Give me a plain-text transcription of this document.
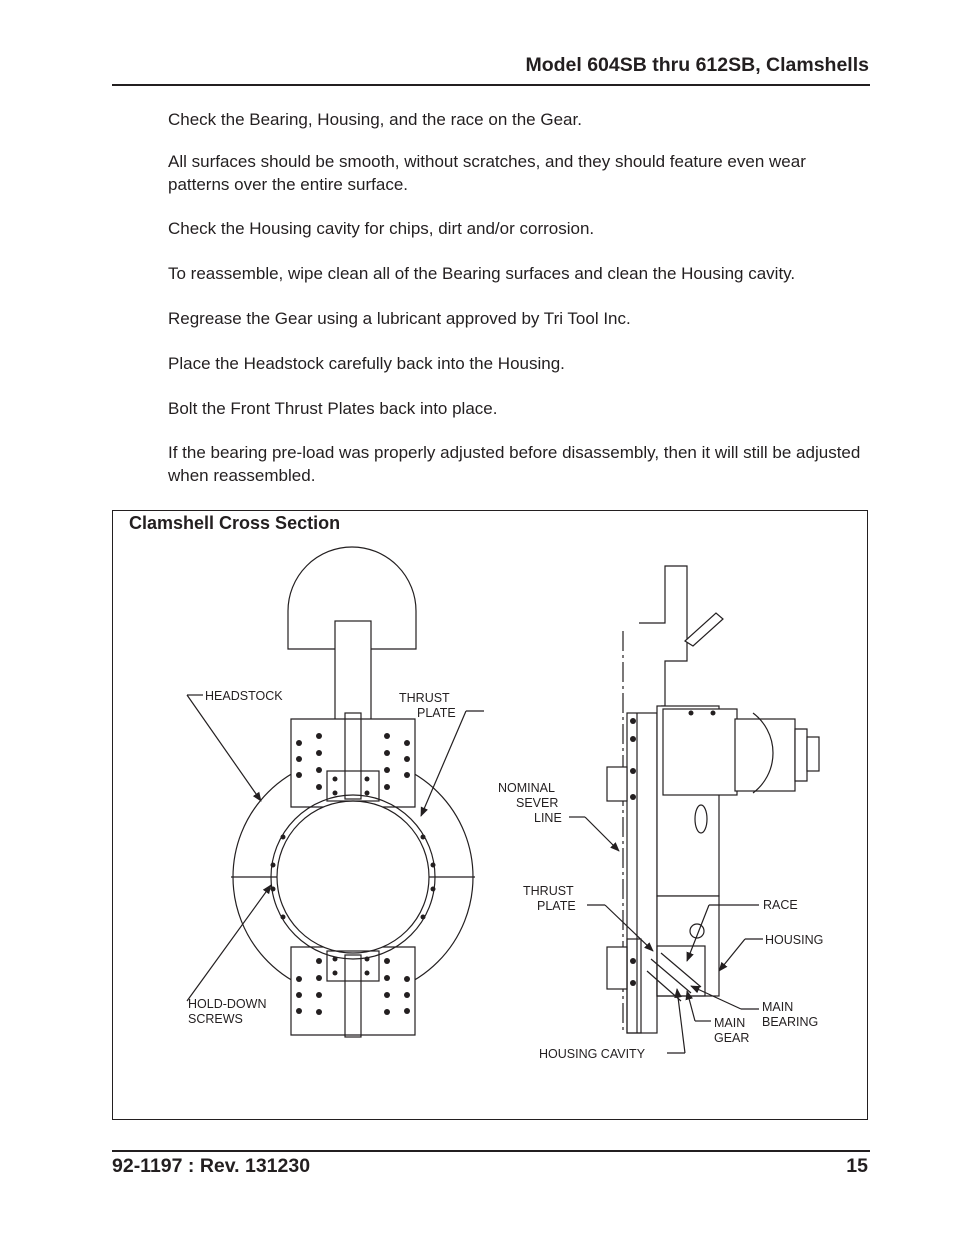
Model 604SB thru 612SB, Clamshells

Check the Bearing, Housing, and the race on the Gear.

All surfaces should be smooth, without scratches, and they should feature even wear patterns over the entire surface.

Check the Housing cavity for chips, dirt and/or corrosion.

To reassemble, wipe clean all of the Bearing surfaces and clean the Housing cavity.

Regrease the Gear using a lubricant approved by Tri Tool Inc.

Place the Headstock carefully back into the Housing.

Bolt the Front Thrust Plates back into place.

If the bearing pre-load was properly adjusted before disassembly, then it will still be adjusted when reassembled.

Clamshell Cross Section
HEADSTOCK	THRUST
PLATE
HOLD-DOWN
SCREWS
NOMINAL
SEVER
LINE
THRUST
PLATE	RACE
HOUSING
MAIN
BEARING
MAIN
GEAR
HOUSING CAVITY
92-1197 : Rev. 131230	15
